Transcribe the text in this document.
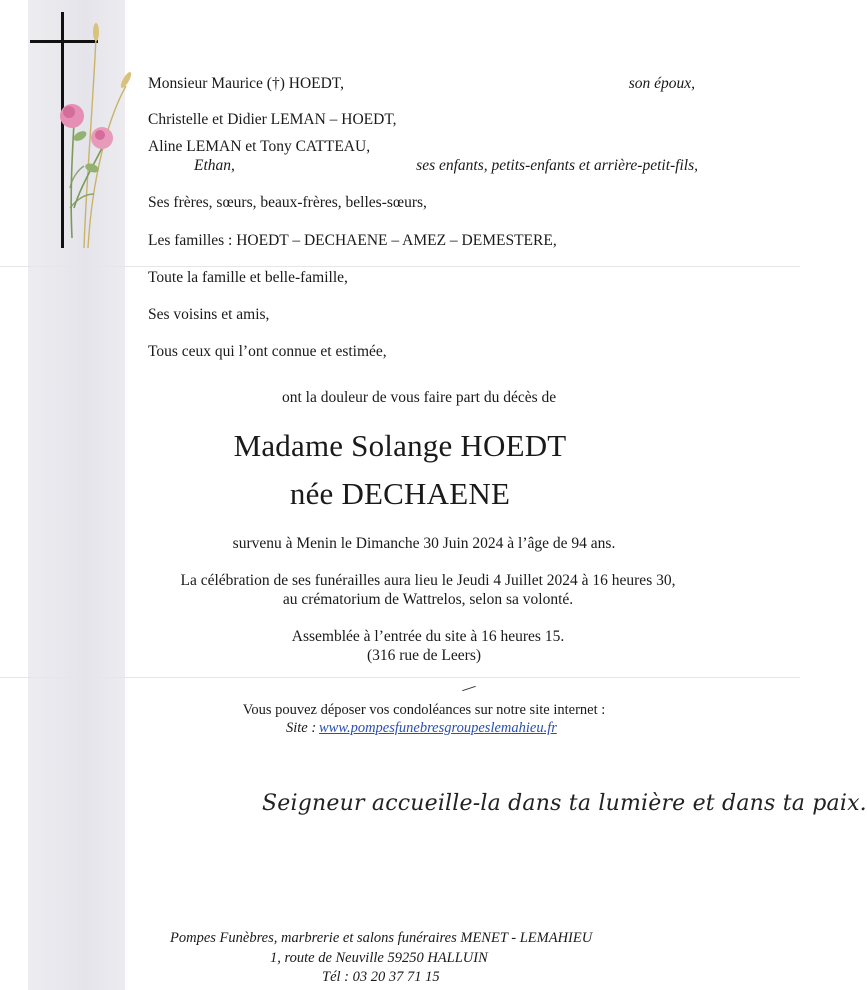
Monsieur Maurice (†) HOEDT,	son époux,
Christelle et Didier LEMAN – HOEDT,
Aline LEMAN et Tony CATTEAU,
Ethan,	ses enfants, petits-enfants et arrière-petit-fils,
Ses frères, sœurs, beaux-frères, belles-sœurs,
Les familles : HOEDT – DECHAENE – AMEZ – DEMESTERE,
Toute la famille et belle-famille,
Ses voisins et amis,
Tous ceux qui l’ont connue et estimée,
ont la douleur de vous faire part du décès de
Madame Solange HOEDT
née DECHAENE
survenu à Menin le Dimanche 30 Juin 2024 à l’âge de 94 ans.
La célébration de ses funérailles aura lieu le Jeudi 4 Juillet 2024 à 16 heures 30,
au crématorium de Wattrelos, selon sa volonté.
Assemblée à l’entrée du site à 16 heures 15.
(316 rue de Leers)
Vous pouvez déposer vos condoléances sur notre site internet :
Site : www.pompesfunebresgroupeslemahieu.fr
Seigneur accueille-la dans ta lumière et dans ta paix.
Pompes Funèbres, marbrerie et salons funéraires MENET - LEMAHIEU
1, route de Neuville 59250 HALLUIN
Tél : 03 20 37 71 15
